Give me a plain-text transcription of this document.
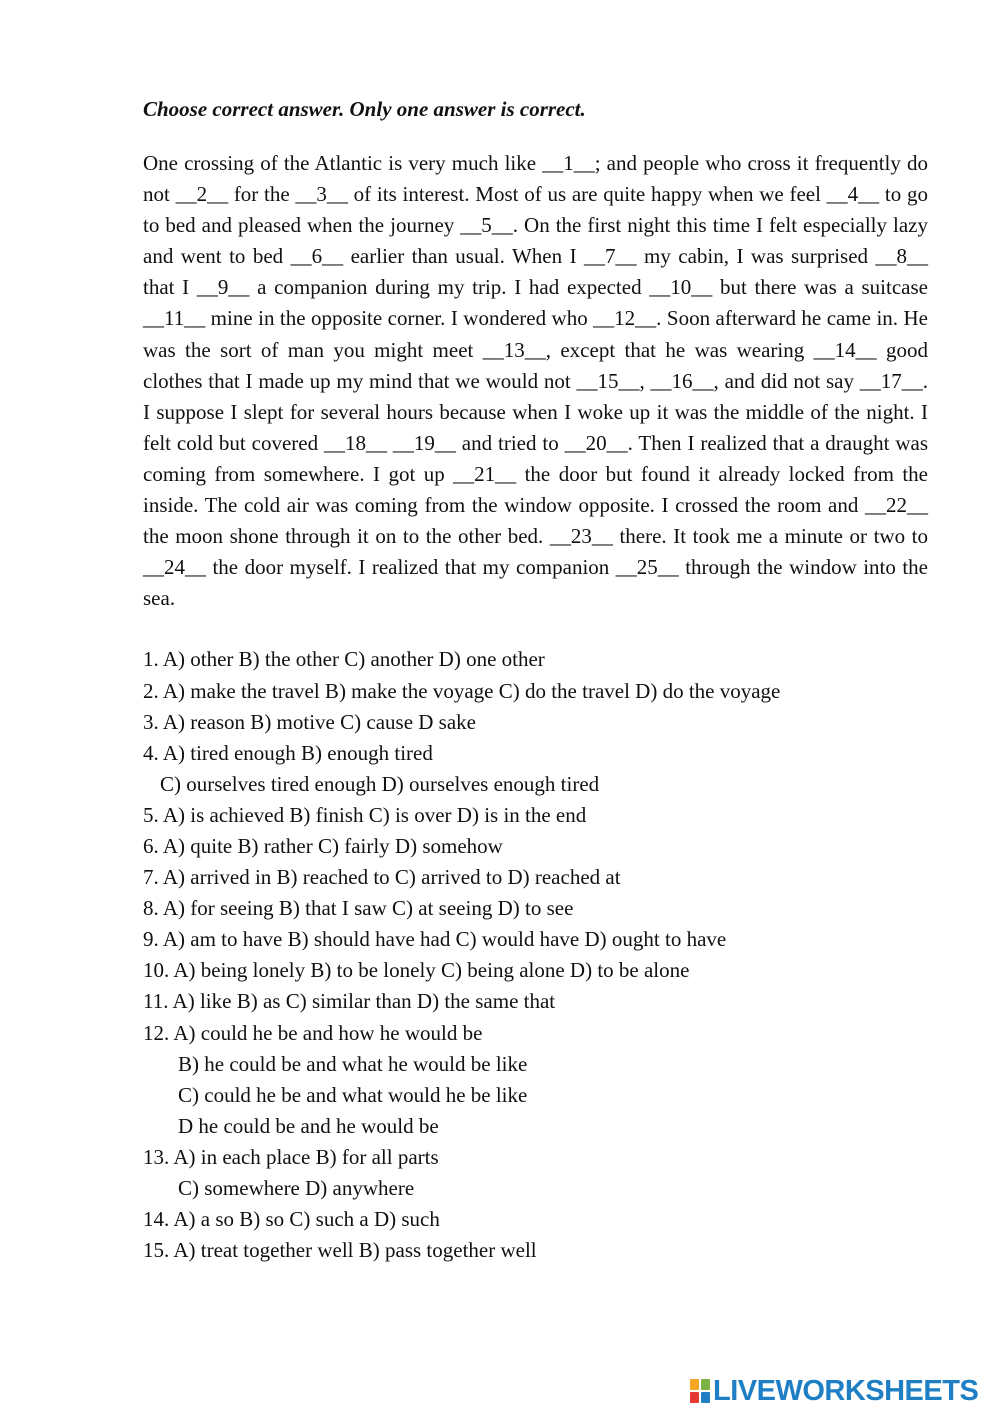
Choose correct answer. Only one answer is correct.

One crossing of the Atlantic is very much like __1__; and people who cross it frequently do not __2__ for the __3__ of its interest. Most of us are quite happy when we feel __4__ to go to bed and pleased when the journey __5__. On the first night this time I felt especially lazy and went to bed __6__ earlier than usual. When I __7__ my cabin, I was surprised __8__ that I __9__ a companion during my trip. I had expected __10__ but there was a suitcase __11__ mine in the opposite corner. I wondered who __12__. Soon afterward he came in. He was the sort of man you might meet __13__, except that he was wearing __14__ good clothes that I made up my mind that we would not __15__, __16__, and did not say __17__. I suppose I slept for several hours because when I woke up it was the middle of the night. I felt cold but covered __18__ __19__ and tried to __20__. Then I realized that a draught was coming from somewhere. I got up __21__ the door but found it already locked from the inside. The cold air was coming from the window opposite. I crossed the room and __22__ the moon shone through it on to the other bed. __23__ there. It took me a minute or two to __24__ the door myself. I realized that my companion __25__ through the window into the sea.

1. A) other B) the other C) another D) one other
2. A) make the travel B) make the voyage C) do the travel D) do the voyage
3. A) reason B) motive C) cause D sake
4. A) tired enough B) enough tired
C) ourselves tired enough D) ourselves enough tired
5. A) is achieved B) finish C) is over D) is in the end
6. A) quite B) rather C) fairly D) somehow
7. A) arrived in B) reached to C) arrived to D) reached at
8. A) for seeing B) that I saw C) at seeing D) to see
9. A) am to have B) should have had C) would have D) ought to have
10. A) being lonely B) to be lonely C) being alone D) to be alone
11. A) like B) as C) similar than D) the same that
12. A) could he be and how he would be
B) he could be and what he would be like
C) could he be and what would he be like
D he could be and he would be
13. A) in each place B) for all parts
C) somewhere D) anywhere
14. A) a so B) so C) such a D) such
15. A) treat together well B) pass together well
LIVEWORKSHEETS
